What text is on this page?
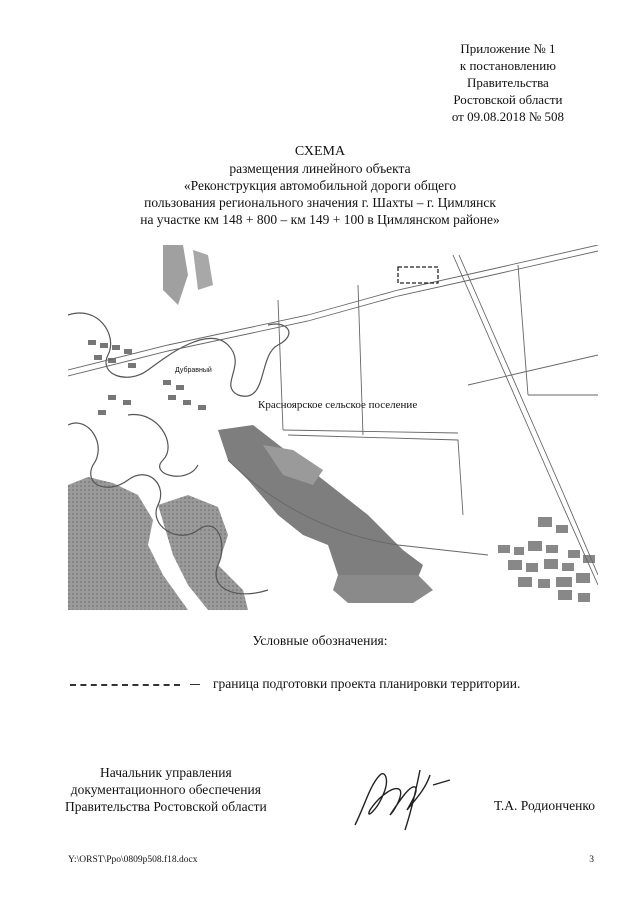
Приложение № 1
к постановлению
Правительства
Ростовской области
от 09.08.2018 № 508
СХЕМА
размещения линейного объекта
«Реконструкция автомобильной дороги общего
пользования регионального значения г. Шахты – г. Цимлянск
на участке км 148 + 800 – км 149 + 100 в Цимлянском районе»
Дубравный
Красноярское сельское поселение
Условные обозначения:
граница подготовки проекта планировки территории.
Начальник управления
документационного обеспечения
Правительства Ростовской области	Т.А. Родионченко
Y:\ORST\Ppo\0809p508.f18.docx	3
